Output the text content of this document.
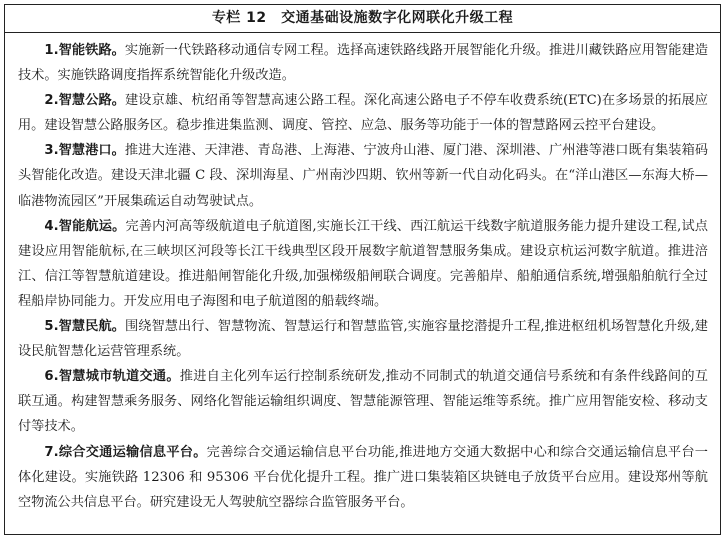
专栏 12　交通基础设施数字化网联化升级工程

1.智能铁路。实施新一代铁路移动通信专网工程。选择高速铁路线路开展智能化升级。推进川藏铁路应用智能建造技术。实施铁路调度指挥系统智能化升级改造。

2.智慧公路。建设京雄、杭绍甬等智慧高速公路工程。深化高速公路电子不停车收费系统(ETC)在多场景的拓展应用。建设智慧公路服务区。稳步推进集监测、调度、管控、应急、服务等功能于一体的智慧路网云控平台建设。

3.智慧港口。推进大连港、天津港、青岛港、上海港、宁波舟山港、厦门港、深圳港、广州港等港口既有集装箱码头智能化改造。建设天津北疆 C 段、深圳海星、广州南沙四期、钦州等新一代自动化码头。在“洋山港区—东海大桥—临港物流园区”开展集疏运自动驾驶试点。

4.智能航运。完善内河高等级航道电子航道图,实施长江干线、西江航运干线数字航道服务能力提升建设工程,试点建设应用智能航标,在三峡坝区河段等长江干线典型区段开展数字航道智慧服务集成。建设京杭运河数字航道。推进涪江、信江等智慧航道建设。推进船闸智能化升级,加强梯级船闸联合调度。完善船岸、船舶通信系统,增强船舶航行全过程船岸协同能力。开发应用电子海图和电子航道图的船载终端。

5.智慧民航。围绕智慧出行、智慧物流、智慧运行和智慧监管,实施容量挖潜提升工程,推进枢纽机场智慧化升级,建设民航智慧化运营管理系统。

6.智慧城市轨道交通。推进自主化列车运行控制系统研发,推动不同制式的轨道交通信号系统和有条件线路间的互联互通。构建智慧乘务服务、网络化智能运输组织调度、智慧能源管理、智能运维等系统。推广应用智能安检、移动支付等技术。

7.综合交通运输信息平台。完善综合交通运输信息平台功能,推进地方交通大数据中心和综合交通运输信息平台一体化建设。实施铁路 12306 和 95306 平台优化提升工程。推广进口集装箱区块链电子放货平台应用。建设郑州等航空物流公共信息平台。研究建设无人驾驶航空器综合监管服务平台。
